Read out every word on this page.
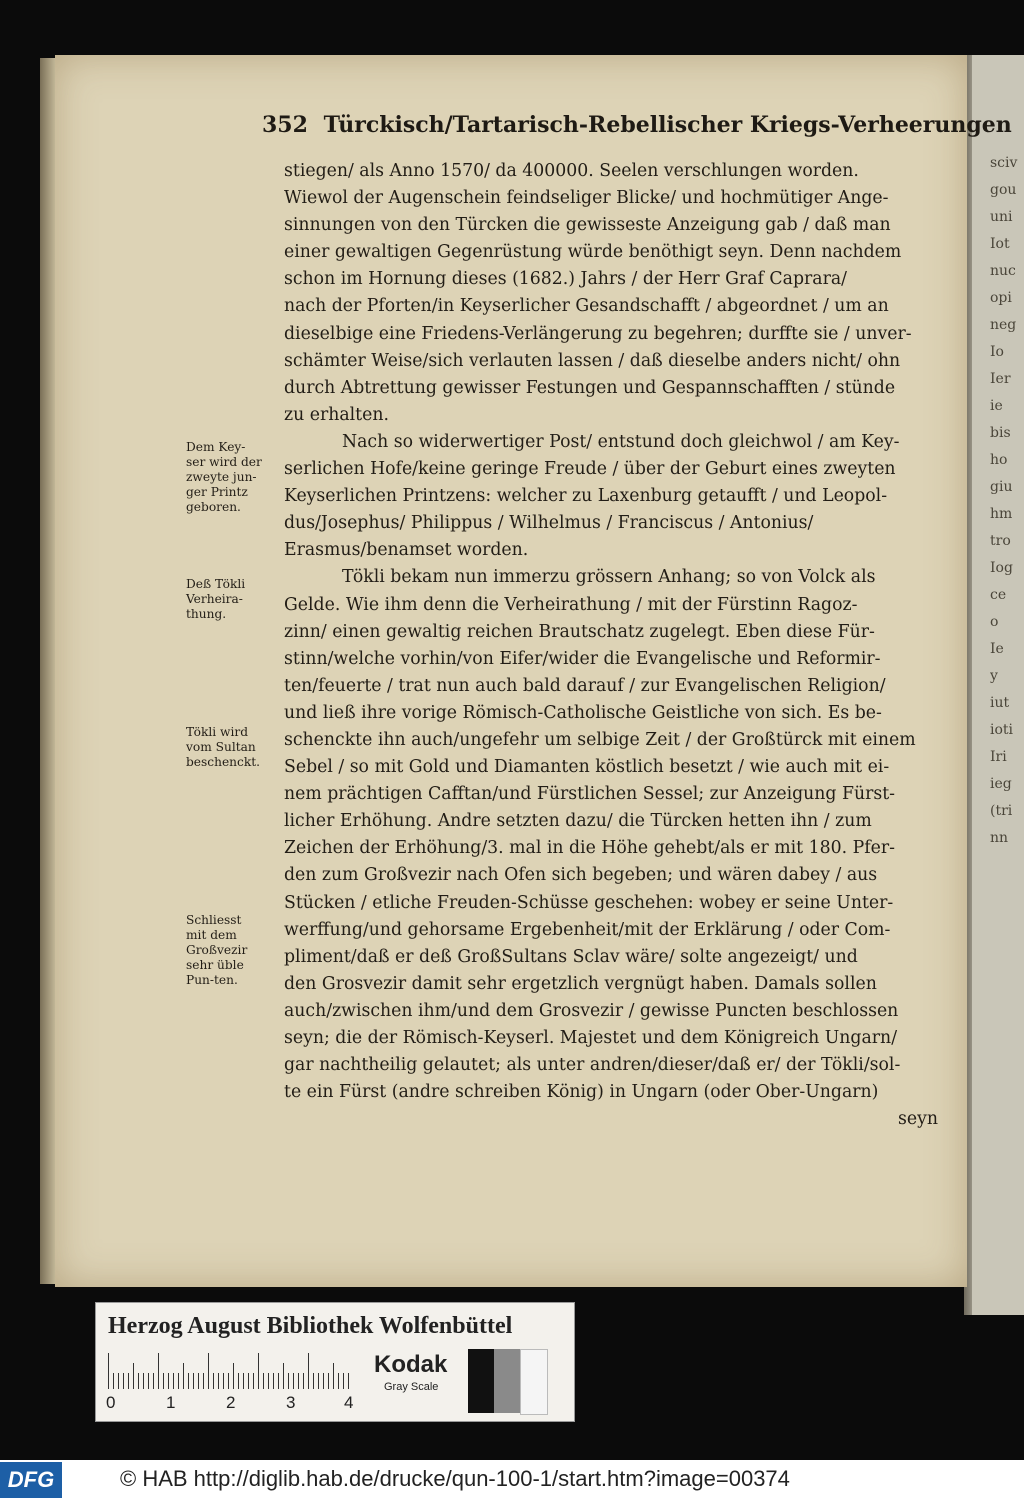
sciv
gou
uni
Iot
nuc
opi
neg
Io
Ier
ie
bis
ho
giu
hm
tro
Iog
ce
o
Ie
y
iut
ioti
Iri
ieg
(tri
nn
352 Türckisch/Tartarisch-Rebellischer Kriegs-Verheerungen
stiegen/ als Anno 1570/ da 400000. Seelen verschlungen worden.
Wiewol der Augenschein feindseliger Blicke/ und hochmütiger Ange-
sinnungen von den Türcken die gewisseste Anzeigung gab / daß man
einer gewaltigen Gegenrüstung würde benöthigt seyn. Denn nachdem
schon im Hornung dieses (1682.) Jahrs / der Herr Graf Caprara/
nach der Pforten/in Keyserlicher Gesandschafft / abgeordnet / um an
dieselbige eine Friedens-Verlängerung zu begehren; durffte sie / unver-
schämter Weise/sich verlauten lassen / daß dieselbe anders nicht/ ohn
durch Abtrettung gewisser Festungen und Gespannschafften / stünde
zu erhalten.
Nach so widerwertiger Post/ entstund doch gleichwol / am Key-
serlichen Hofe/keine geringe Freude / über der Geburt eines zweyten
Keyserlichen Printzens: welcher zu Laxenburg getaufft / und Leopol-
dus/Josephus/ Philippus / Wilhelmus / Franciscus / Antonius/
Erasmus/benamset worden.
Tökli bekam nun immerzu grössern Anhang; so von Volck als
Gelde. Wie ihm denn die Verheirathung / mit der Fürstinn Ragoz-
zinn/ einen gewaltig reichen Brautschatz zugelegt. Eben diese Für-
stinn/welche vorhin/von Eifer/wider die Evangelische und Reformir-
ten/feuerte / trat nun auch bald darauf / zur Evangelischen Religion/
und ließ ihre vorige Römisch-Catholische Geistliche von sich. Es be-
schenckte ihn auch/ungefehr um selbige Zeit / der Großtürck mit einem
Sebel / so mit Gold und Diamanten köstlich besetzt / wie auch mit ei-
nem prächtigen Cafftan/und Fürstlichen Sessel; zur Anzeigung Fürst-
licher Erhöhung. Andre setzten dazu/ die Türcken hetten ihn / zum
Zeichen der Erhöhung/3. mal in die Höhe gehebt/als er mit 180. Pfer-
den zum Großvezir nach Ofen sich begeben; und wären dabey / aus
Stücken / etliche Freuden-Schüsse geschehen: wobey er seine Unter-
werffung/und gehorsame Ergebenheit/mit der Erklärung / oder Com-
pliment/daß er deß GroßSultans Sclav wäre/ solte angezeigt/ und
den Grosvezir damit sehr ergetzlich vergnügt haben. Damals sollen
auch/zwischen ihm/und dem Grosvezir / gewisse Puncten beschlossen
seyn; die der Römisch-Keyserl. Majestet und dem Königreich Ungarn/
gar nachtheilig gelautet; als unter andren/dieser/daß er/ der Tökli/sol-
te ein Fürst (andre schreiben König) in Ungarn (oder Ober-Ungarn)
seyn
Dem Key-
ser wird der
zweyte jun-
ger Printz
geboren.
Deß Tökli
Verheira-
thung.
Tökli wird
vom Sultan
beschenckt.
Schliesst
mit dem
Großvezir
sehr üble
Pun-ten.
Herzog August Bibliothek Wolfenbüttel
0	1	2	3	4
Kodak
Gray Scale
DFG	© HAB http://diglib.hab.de/drucke/qun-100-1/start.htm?image=00374
